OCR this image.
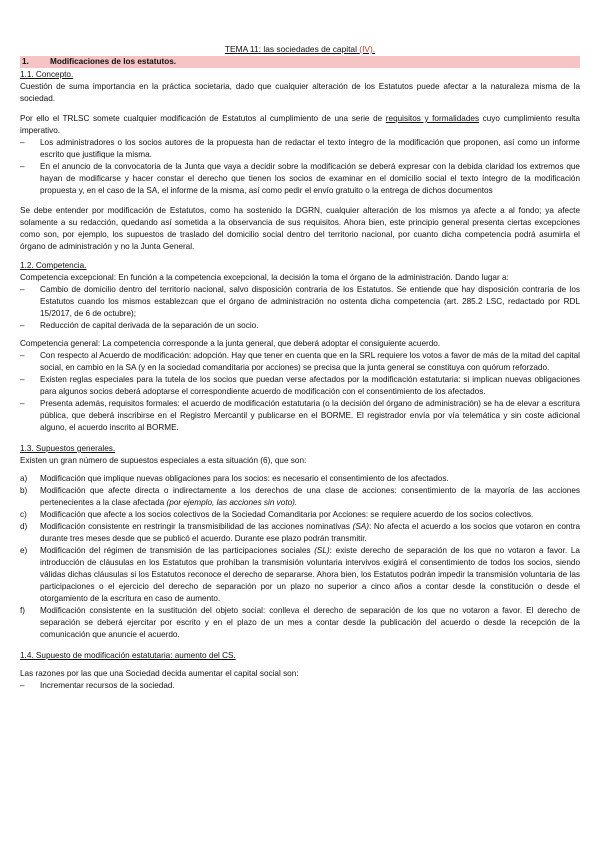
TEMA 11: las sociedades de capital (IV).
1.	Modificaciones de los estatutos.
1.1. Concepto.

Cuestión de suma importancia en la práctica societaria, dado que cualquier alteración de los Estatutos puede afectar a la naturaleza misma de la sociedad.

Por ello el TRLSC somete cualquier modificación de Estatutos al cumplimiento de una serie de requisitos y formalidades cuyo cumplimiento resulta imperativo.

– Los administradores o los socios autores de la propuesta han de redactar el texto íntegro de la modificación que proponen, así como un informe escrito que justifique la misma.
– En el anuncio de la convocatoria de la Junta que vaya a decidir sobre la modificación se deberá expresar con la debida claridad los extremos que hayan de modificarse y hacer constar el derecho que tienen los socios de examinar en el domicilio social el texto íntegro de la modificación propuesta y, en el caso de la SA, el informe de la misma, así como pedir el envío gratuito o la entrega de dichos documentos

Se debe entender por modificación de Estatutos, como ha sostenido la DGRN, cualquier alteración de los mismos ya afecte a al fondo; ya afecte solamente a su redacción, quedando así sometida a la observancia de sus requisitos. Ahora bien, este principio general presenta ciertas excepciones como son, por ejemplo, los supuestos de traslado del domicilio social dentro del territorio nacional, por cuanto dicha competencia podrá asumirla el órgano de administración y no la Junta General.

1.2. Competencia.

Competencia excepcional: En función a la competencia excepcional, la decisión la toma el órgano de la administración. Dando lugar a:

– Cambio de domicilio dentro del territorio nacional, salvo disposición contraria de los Estatutos. Se entiende que hay disposición contraria de los Estatutos cuando los mismos establezcan que el órgano de administración no ostenta dicha competencia (art. 285.2 LSC, redactado por RDL 15/2017, de 6 de octubre);
– Reducción de capital derivada de la separación de un socio.

Competencia general: La competencia corresponde a la junta general, que deberá adoptar el consiguiente acuerdo.

– Con respecto al Acuerdo de modificación: adopción. Hay que tener en cuenta que en la SRL requiere los votos a favor de más de la mitad del capital social, en cambio en la SA (y en la sociedad comanditaria por acciones) se precisa que la junta general se constituya con quórum reforzado.
– Existen reglas especiales para la tutela de los socios que puedan verse afectados por la modificación estatutaria: si implican nuevas obligaciones para algunos socios deberá adoptarse el correspondiente acuerdo de modificación con el consentimiento de los afectados.
– Presenta además, requisitos formales: el acuerdo de modificación estatutaria (o la decisión del órgano de administración) se ha de elevar a escritura pública, que deberá inscribirse en el Registro Mercantil y publicarse en el BORME. El registrador envía por vía telemática y sin coste adicional alguno, el acuerdo inscrito al BORME.
1.3. Supuestos generales.

Existen un gran número de supuestos especiales a esta situación (6), que son:

a) Modificación que implique nuevas obligaciones para los socios: es necesario el consentimiento de los afectados.
b) Modificación que afecte directa o indirectamente a los derechos de una clase de acciones: consentimiento de la mayoría de las acciones pertenecientes a la clase afectada (por ejemplo, las acciones sin voto).
c) Modificación que afecte a los socios colectivos de la Sociedad Comanditaria por Acciones: se requiere acuerdo de los socios colectivos.
d) Modificación consistente en restringir la transmisibilidad de las acciones nominativas (SA): No afecta el acuerdo a los socios que votaron en contra durante tres meses desde que se publicó el acuerdo. Durante ese plazo podrán transmitir.
e) Modificación del régimen de transmisión de las participaciones sociales (SL): existe derecho de separación de los que no votaron a favor. La introducción de cláusulas en los Estatutos que prohíban la transmisión voluntaria intervivos exigirá el consentimiento de todos los socios, siendo válidas dichas cláusulas si los Estatutos reconoce el derecho de separarse. Ahora bien, los Estatutos podrán impedir la transmisión voluntaria de las participaciones o el ejercicio del derecho de separación por un plazo no superior a cinco años a contar desde la constitución o desde el otorgamiento de la escritura en caso de aumento.
f) Modificación consistente en la sustitución del objeto social: conlleva el derecho de separación de los que no votaron a favor. El derecho de separación se deberá ejercitar por escrito y en el plazo de un mes a contar desde la publicación del acuerdo o desde la recepción de la comunicación que anuncie el acuerdo.
1.4. Supuesto de modificación estatutaria: aumento del CS.

Las razones por las que una Sociedad decida aumentar el capital social son:

– Incrementar recursos de la sociedad.
